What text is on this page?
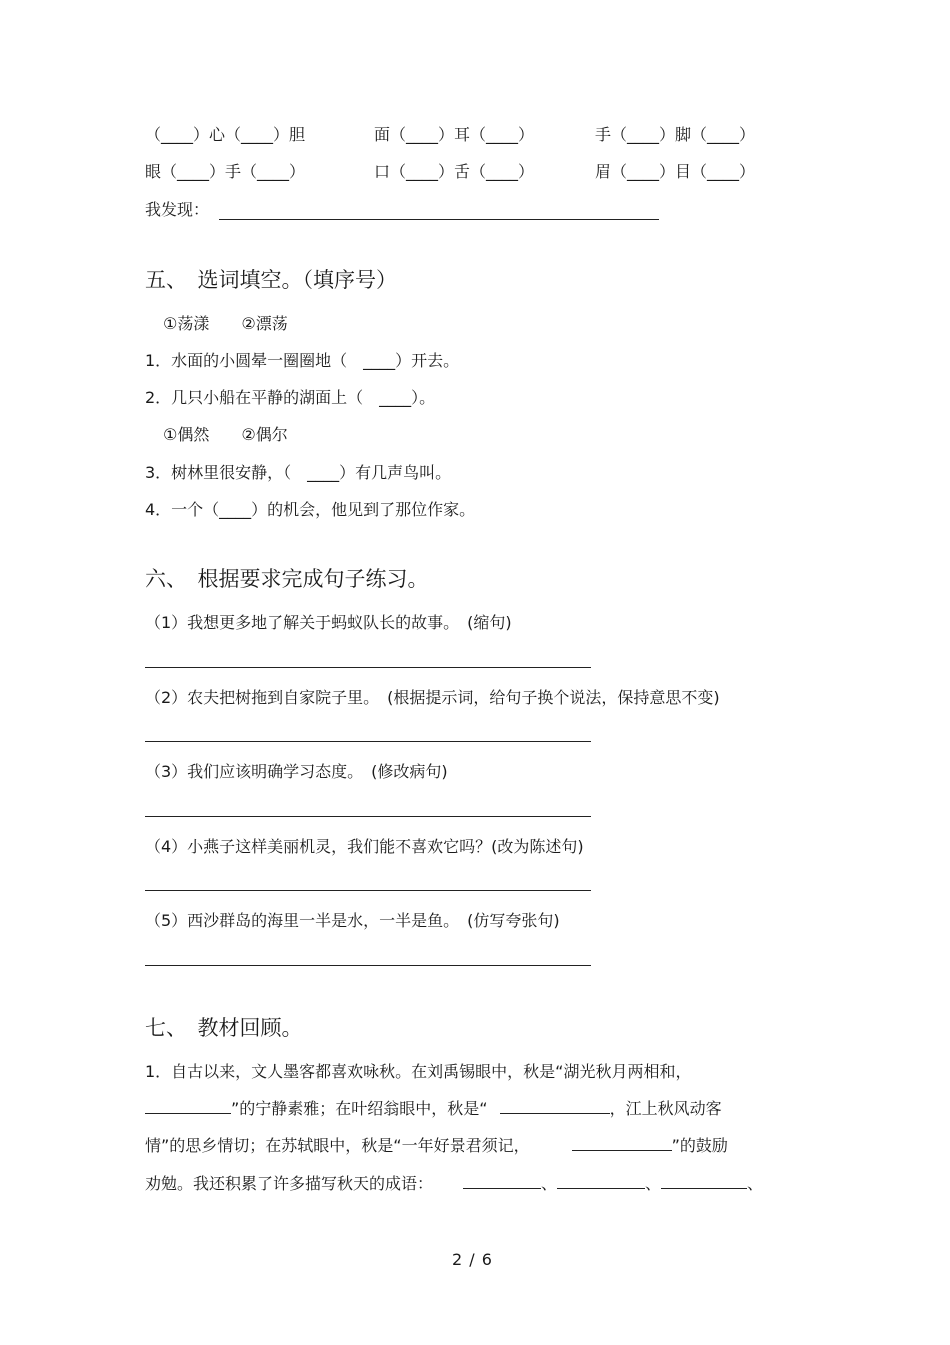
（____）心（____）胆	面（____）耳（____）	手（____）脚（____）
眼（____）手（____）	口（____）舌（____）	眉（____）目（____）
我发现：
五、　选词填空。（填序号）
①荡漾　　②漂荡
1．水面的小圆晕一圈圈地（　____）开去。
2．几只小船在平静的湖面上（　____）。
①偶然　　②偶尔
3．树林里很安静，（　____）有几声鸟叫。
4．一个（____）的机会，他见到了那位作家。
六、　根据要求完成句子练习。
（1）我想更多地了解关于蚂蚁队长的故事。　(缩句)
（2）农夫把树拖到自家院子里。　(根据提示词，给句子换个说法，保持意思不变)
（3）我们应该明确学习态度。　(修改病句)
（4）小燕子这样美丽机灵，我们能不喜欢它吗？(改为陈述句)
（5）西沙群岛的海里一半是水，一半是鱼。　(仿写夸张句)
七、　教材回顾。
1．自古以来，文人墨客都喜欢咏秋。在刘禹锡眼中，秋是“湖光秋月两相和，
”的宁静素雅；在叶绍翁眼中，秋是“	，江上秋风动客
情”的思乡情切；在苏轼眼中，秋是“一年好景君须记，	”的鼓励
劝勉。我还积累了许多描写秋天的成语：	、	、	、
2 / 6
